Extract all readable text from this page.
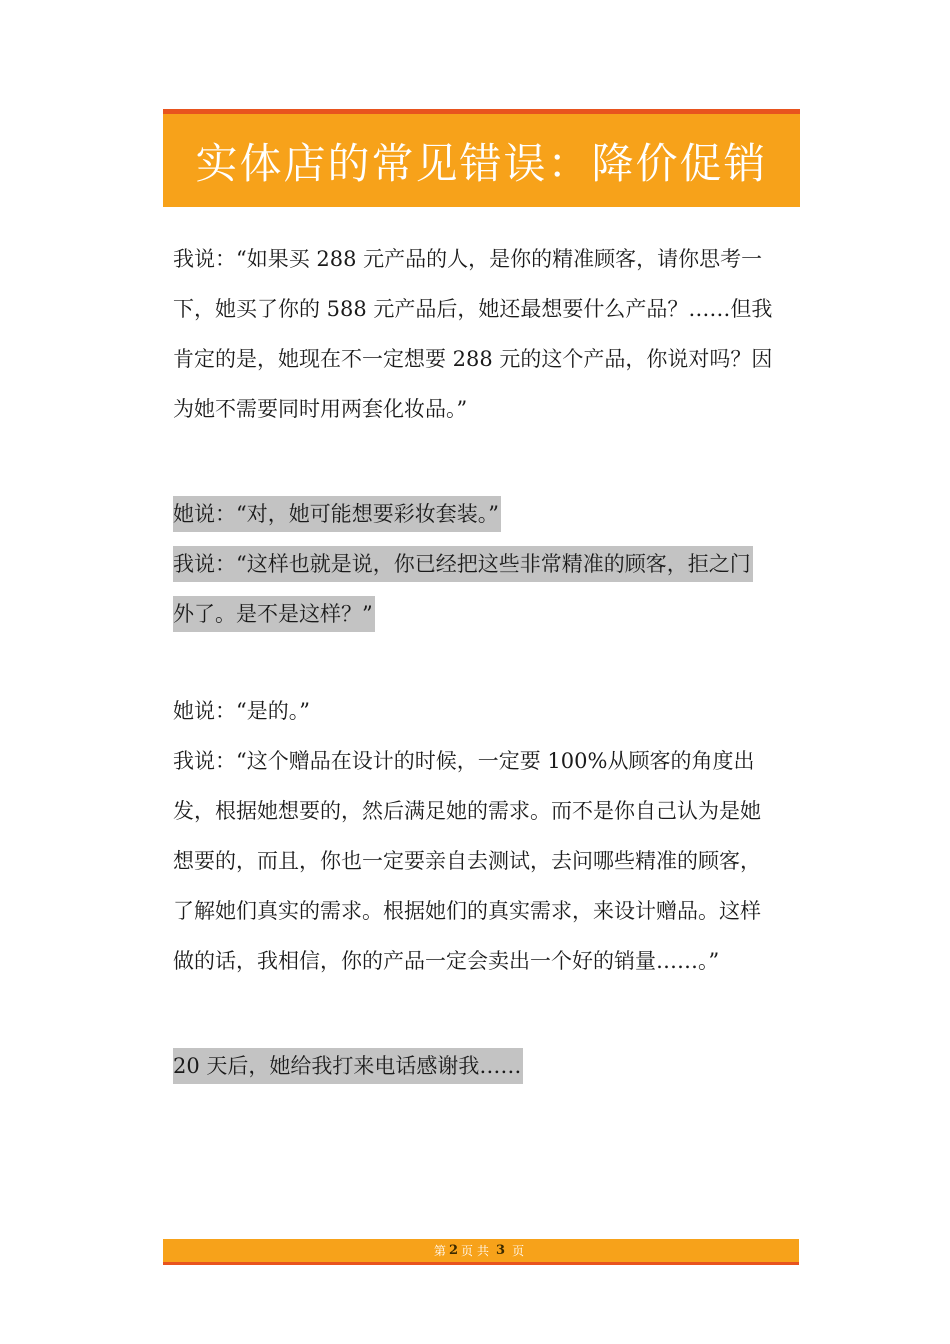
实体店的常见错误：降价促销
我说：“如果买 288 元产品的人，是你的精准顾客，请你思考一
下，她买了你的 588 元产品后，她还最想要什么产品？……但我
肯定的是，她现在不一定想要 288 元的这个产品，你说对吗？因
为她不需要同时用两套化妆品。”
她说：“对，她可能想要彩妆套装。”
我说：“这样也就是说，你已经把这些非常精准的顾客，拒之门
外了。是不是这样？”
她说：“是的。”
我说：“这个赠品在设计的时候，一定要 100%从顾客的角度出
发，根据她想要的，然后满足她的需求。而不是你自己认为是她
想要的，而且，你也一定要亲自去测试，去问哪些精准的顾客，
了解她们真实的需求。根据她们的真实需求，来设计赠品。这样
做的话，我相信，你的产品一定会卖出一个好的销量……。”
20 天后，她给我打来电话感谢我……
第 2 页 共 3 页
